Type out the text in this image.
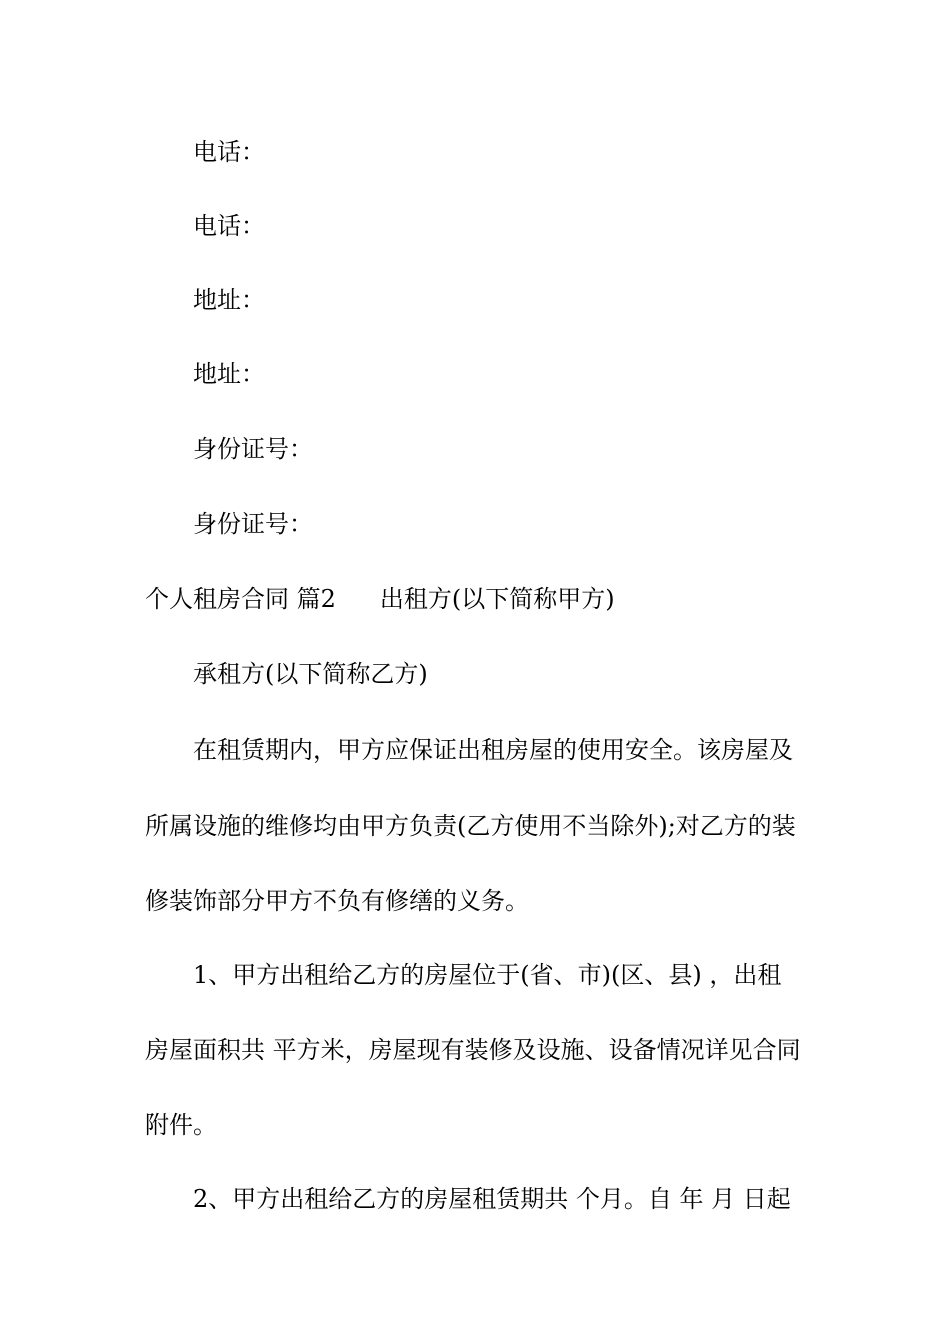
电话：
电话：
地址：
地址：
身份证号：
身份证号：
个人租房合同 篇2 出租方(以下简称甲方)
承租方(以下简称乙方)
在租赁期内，甲方应保证出租房屋的使用安全。该房屋及
所属设施的维修均由甲方负责(乙方使用不当除外);对乙方的装
修装饰部分甲方不负有修缮的义务。
1、甲方出租给乙方的房屋位于(省、市)(区、县) ，出租
房屋面积共 平方米，房屋现有装修及设施、设备情况详见合同
附件。
2、甲方出租给乙方的房屋租赁期共 个月。自 年 月 日起
